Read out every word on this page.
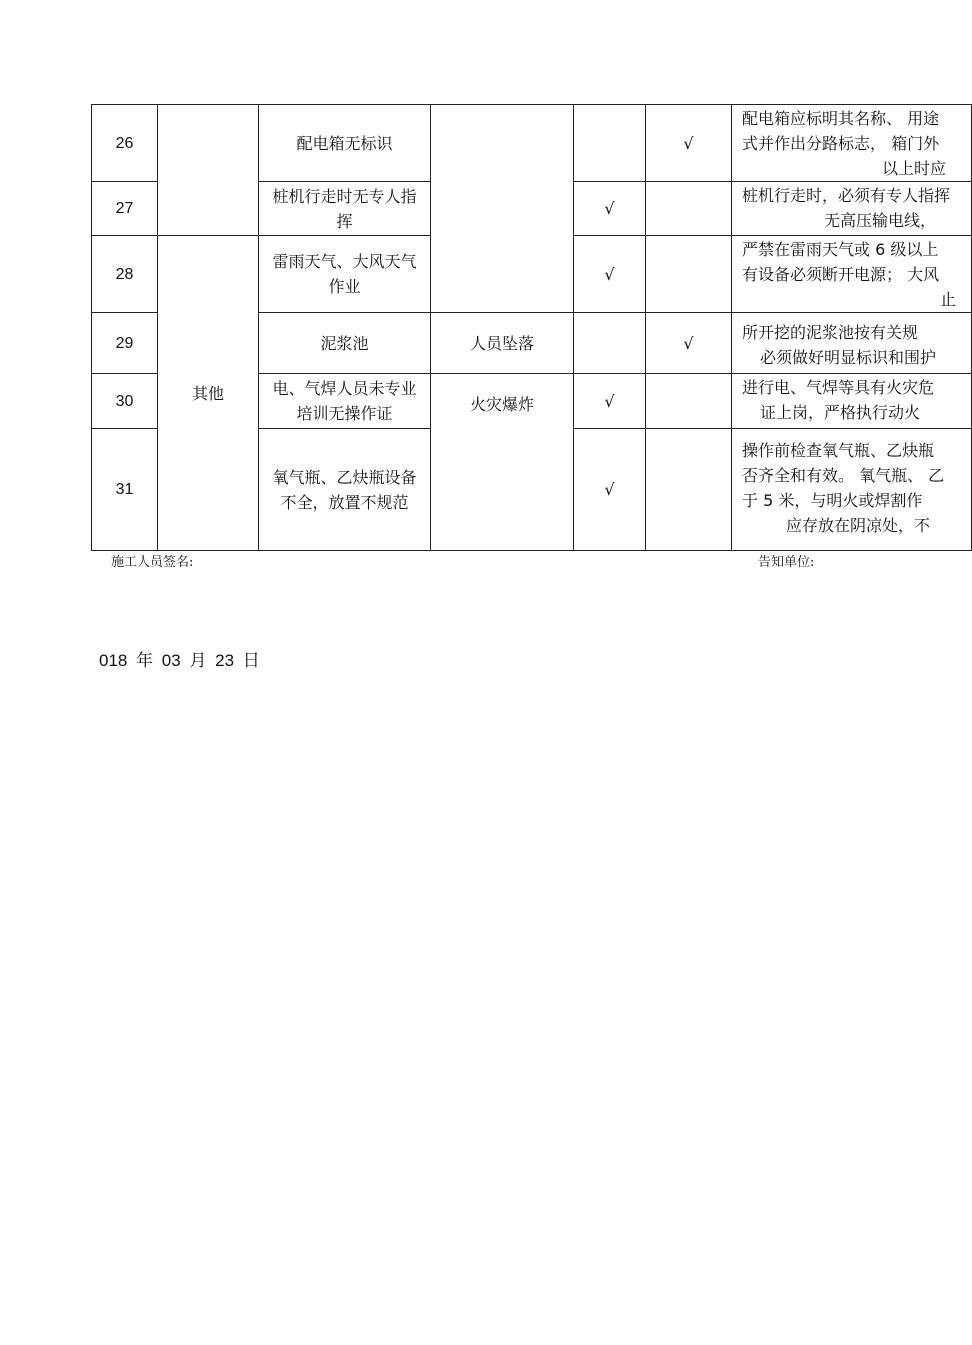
26		配电箱无标识			√	配电箱应标明其名称、 用途
式并作出分路标志， 箱门外
以上时应

27		桩机行走时无专人指挥		√		桩机行走时，必须有专人指挥
无高压输电线，

28	其他	雷雨天气、大风天气作业		√		严禁在雷雨天气或 6 级以上
有设备必须断开电源； 大风
止

29		泥浆池	人员坠落		√	所开挖的泥浆池按有关规
必须做好明显标识和围护

30		电、气焊人员未专业培训无操作证	火灾爆炸	√		进行电、气焊等具有火灾危
证上岗，严格执行动火

31		氧气瓶、乙炔瓶设备不全，放置不规范		√		操作前检查氧气瓶、乙炔瓶
否齐全和有效。 氧气瓶、 乙
于 5 米，与明火或焊割作
应存放在阴凉处，不
施工人员签名:	告知单位:
018 年 03 月 23 日
